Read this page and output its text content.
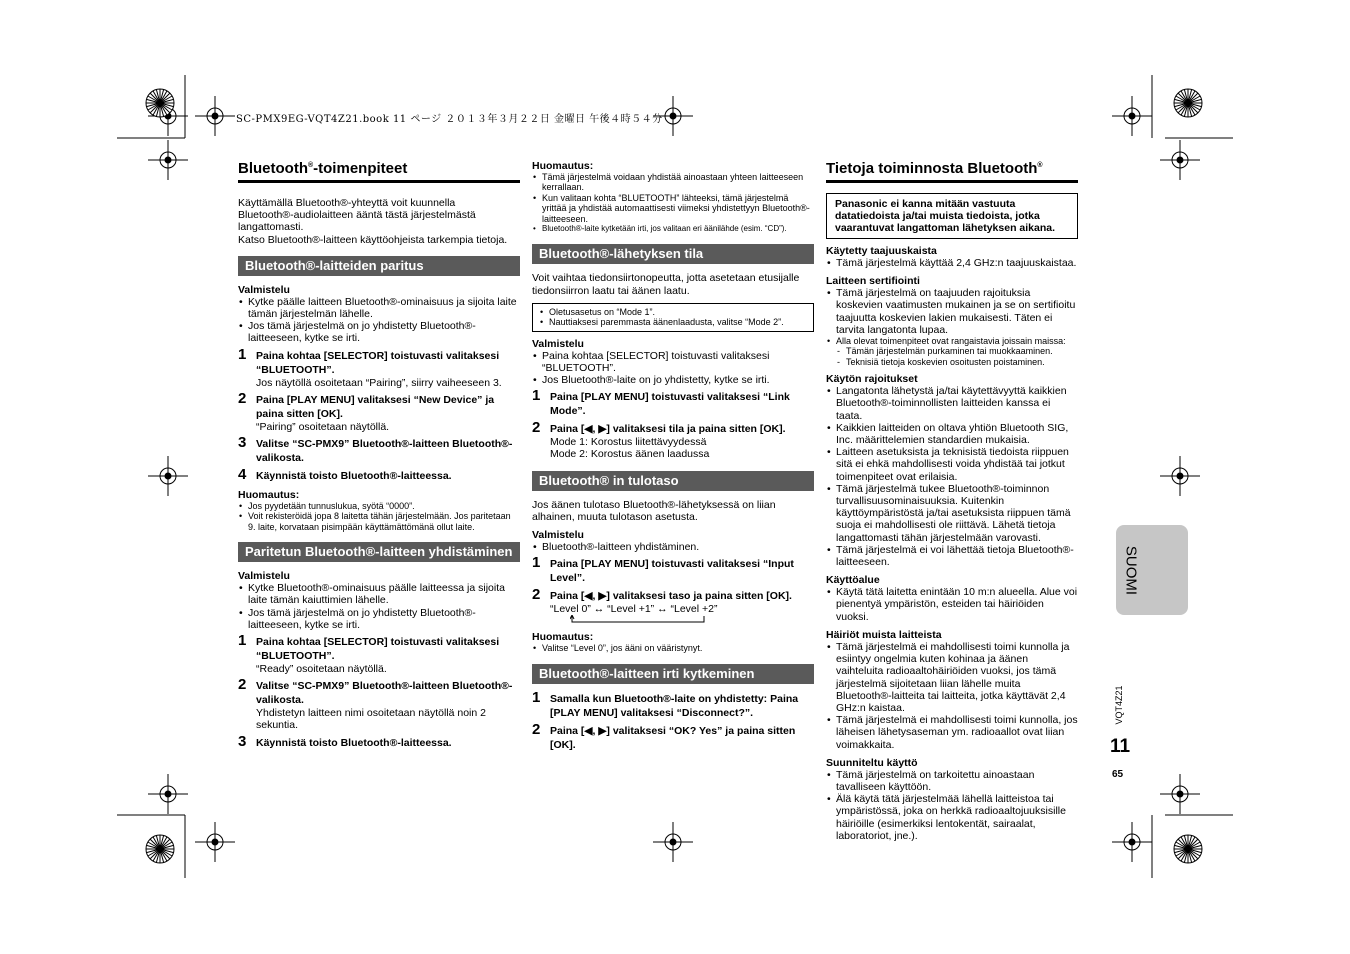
SC-PMX9EG-VQT4Z21.book 11 ページ ２０１３年３月２２日 金曜日 午後４時５４分
Bluetooth®-toimenpiteet

Käyttämällä Bluetooth®-yhteyttä voit kuunnella

Bluetooth®-audiolaitteen ääntä tästä järjestelmästä

langattomasti.

Katso Bluetooth®-laitteen käyttöohjeista tarkempia tietoja.

Bluetooth®-laitteiden paritus
Valmistelu
• Kytke päälle laitteen Bluetooth®-ominaisuus ja sijoita laite tämän järjestelmän lähelle.
• Jos tämä järjestelmä on jo yhdistetty Bluetooth®-laitteeseen, kytke se irti.
1 Paina kohtaa [SELECTOR] toistuvasti valitaksesi “BLUETOOTH”.
Jos näytöllä osoitetaan “Pairing”, siirry vaiheeseen 3.
2 Paina [PLAY MENU] valitaksesi “New Device” ja paina sitten [OK].
“Pairing” osoitetaan näytöllä.
3 Valitse “SC-PMX9” Bluetooth®-laitteen Bluetooth®-valikosta.
4 Käynnistä toisto Bluetooth®-laitteessa.
Huomautus:
• Jos pyydetään tunnuslukua, syötä “0000”.
• Voit rekisteröidä jopa 8 laitetta tähän järjestelmään. Jos paritetaan 9. laite, korvataan pisimpään käyttämättömänä ollut laite.
Paritetun Bluetooth®-laitteen yhdistäminen
Valmistelu
• Kytke Bluetooth®-ominaisuus päälle laitteessa ja sijoita laite tämän kaiuttimien lähelle.
• Jos tämä järjestelmä on jo yhdistetty Bluetooth®-laitteeseen, kytke se irti.
1 Paina kohtaa [SELECTOR] toistuvasti valitaksesi “BLUETOOTH”.
“Ready” osoitetaan näytöllä.
2 Valitse “SC-PMX9” Bluetooth®-laitteen Bluetooth®-valikosta.
Yhdistetyn laitteen nimi osoitetaan näytöllä noin 2 sekuntia.
3 Käynnistä toisto Bluetooth®-laitteessa.
Huomautus:
• Tämä järjestelmä voidaan yhdistää ainoastaan yhteen laitteeseen kerrallaan.
• Kun valitaan kohta “BLUETOOTH” lähteeksi, tämä järjestelmä yrittää ja yhdistää automaattisesti viimeksi yhdistettyyn Bluetooth®-laitteeseen.
• Bluetooth®-laite kytketään irti, jos valitaan eri äänilähde (esim. “CD”).
Bluetooth®-lähetyksen tila

Voit vaihtaa tiedonsiirtonopeutta, jotta asetetaan etusijalle tiedonsiirron laatu tai äänen laatu.

• Oletusasetus on “Mode 1”.
• Nauttiaksesi paremmasta äänenlaadusta, valitse “Mode 2”.
Valmistelu
• Paina kohtaa [SELECTOR] toistuvasti valitaksesi “BLUETOOTH”.
• Jos Bluetooth®-laite on jo yhdistetty, kytke se irti.
1 Paina [PLAY MENU] toistuvasti valitaksesi “Link Mode”.
2 Paina [◀, ▶] valitaksesi tila ja paina sitten [OK].
Mode 1: Korostus liitettävyydessä
Mode 2: Korostus äänen laadussa
Bluetooth® in tulotaso

Jos äänen tulotaso Bluetooth®-lähetyksessä on liian alhainen, muuta tulotason asetusta.

Valmistelu
• Bluetooth®-laitteen yhdistäminen.
1 Paina [PLAY MENU] toistuvasti valitaksesi “Input Level”.
2 Paina [◀, ▶] valitaksesi taso ja paina sitten [OK].
“Level 0” ↔ “Level +1” ↔ “Level +2”
Huomautus:
• Valitse “Level 0”, jos ääni on vääristynyt.
Bluetooth®-laitteen irti kytkeminen
1 Samalla kun Bluetooth®-laite on yhdistetty: Paina [PLAY MENU] valitaksesi “Disconnect?”.
2 Paina [◀, ▶] valitaksesi “OK? Yes” ja paina sitten [OK].
Tietoja toiminnosta Bluetooth®
Panasonic ei kanna mitään vastuuta datatiedoista ja/tai muista tiedoista, jotka vaarantuvat langattoman lähetyksen aikana.
Käytetty taajuuskaista
• Tämä järjestelmä käyttää 2,4 GHz:n taajuuskaistaa.
Laitteen sertifiointi
• Tämä järjestelmä on taajuuden rajoituksia koskevien vaatimusten mukainen ja se on sertifioitu taajuutta koskevien lakien mukaisesti. Täten ei tarvita langatonta lupaa.
• Alla olevat toimenpiteet ovat rangaistavia joissain maissa:
- Tämän järjestelmän purkaminen tai muokkaaminen.
- Teknisiä tietoja koskevien osoitusten poistaminen.
Käytön rajoitukset
• Langatonta lähetystä ja/tai käytettävyyttä kaikkien Bluetooth®-toiminnollisten laitteiden kanssa ei taata.
• Kaikkien laitteiden on oltava yhtiön Bluetooth SIG, Inc. määrittelemien standardien mukaisia.
• Laitteen asetuksista ja teknisistä tiedoista riippuen sitä ei ehkä mahdollisesti voida yhdistää tai jotkut toimenpiteet ovat erilaisia.
• Tämä järjestelmä tukee Bluetooth®-toiminnon turvallisuusominaisuuksia. Kuitenkin käyttöympäristöstä ja/tai asetuksista riippuen tämä suoja ei mahdollisesti ole riittävä. Lähetä tietoja langattomasti tähän järjestelmään varovasti.
• Tämä järjestelmä ei voi lähettää tietoja Bluetooth®-laitteeseen.
Käyttöalue
• Käytä tätä laitetta enintään 10 m:n alueella. Alue voi pienentyä ympäristön, esteiden tai häiriöiden vuoksi.
Häiriöt muista laitteista
• Tämä järjestelmä ei mahdollisesti toimi kunnolla ja esiintyy ongelmia kuten kohinaa ja äänen vaihteluita radioaaltohäiriöiden vuoksi, jos tämä järjestelmä sijoitetaan liian lähelle muita Bluetooth®-laitteita tai laitteita, jotka käyttävät 2,4 GHz:n kaistaa.
• Tämä järjestelmä ei mahdollisesti toimi kunnolla, jos läheisen lähetysaseman ym. radioaallot ovat liian voimakkaita.
Suunniteltu käyttö
• Tämä järjestelmä on tarkoitettu ainoastaan tavalliseen käyttöön.
• Älä käytä tätä järjestelmää lähellä laitteistoa tai ympäristössä, joka on herkkä radioaaltojuuksisille häiriöille (esimerkiksi lentokentät, sairaalat, laboratoriot, jne.).
SUOMI
VQT4Z21
11
65
